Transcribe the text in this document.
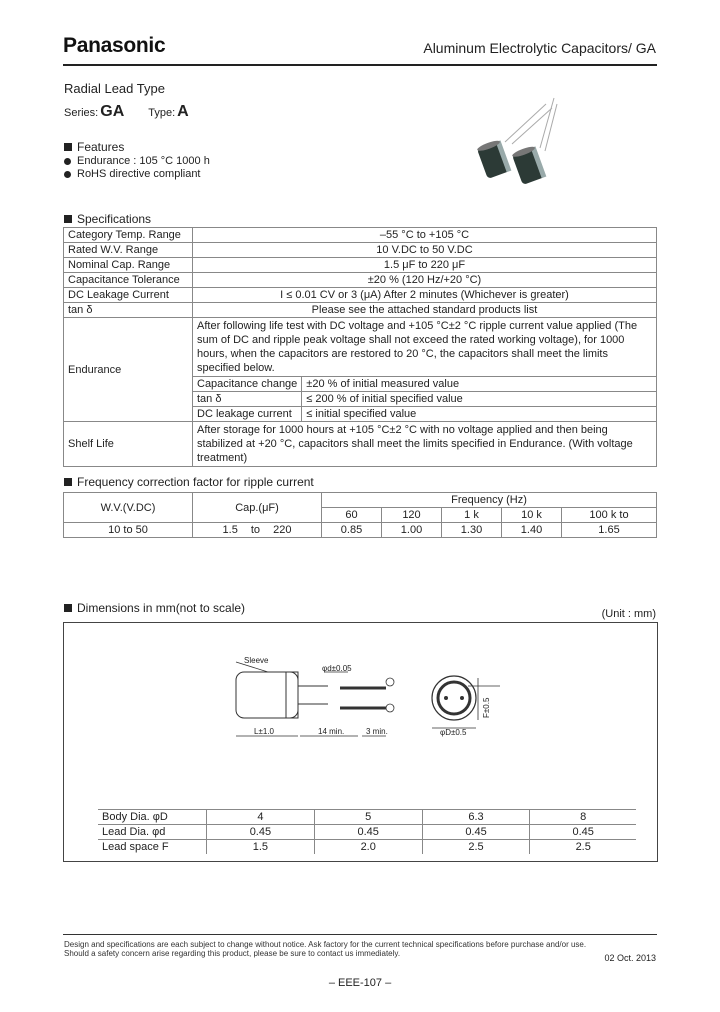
Panasonic	Aluminum Electrolytic Capacitors/ GA
Radial Lead Type
Series: GA Type: A
Features
Endurance : 105 °C 1000 h
RoHS directive compliant
Specifications
Category Temp. Range	–55 °C to +105 °C
Rated W.V. Range	10 V.DC to 50 V.DC
Nominal Cap. Range	1.5 μF to 220 μF
Capacitance Tolerance	±20 % (120 Hz/+20 °C)
DC Leakage Current	I ≤ 0.01 CV or 3 (μA) After 2 minutes (Whichever is greater)
tan δ	Please see the attached standard products list
Endurance	
After following life test with DC voltage and +105 °C±2 °C ripple current value applied (The sum of DC and ripple peak voltage shall not exceed the rated working voltage), for 1000 hours, when the capacitors are restored to 20 °C, the capacitors shall meet the limits specified below.
Capacitance change	±20 % of initial measured value
tan δ	≤ 200 % of initial specified value
DC leakage current	≤ initial specified value

Shelf Life	After storage for 1000 hours at +105 °C±2 °C with no voltage applied and then being stabilized at +20 °C, capacitors shall meet the limits specified in Endurance. (With voltage treatment)
Frequency correction factor for ripple current
W.V.(V.DC)	Cap.(μF)	Frequency (Hz)				
		60	120	1 k	10 k	100 k to
10 to 50	1.5 to 220	0.85	1.00	1.30	1.40	1.65
Dimensions in mm(not to scale)	(Unit : mm)
Sleeve
φd±0.05
L±1.0	14 min.	3 min.	φD±0.5
F±0.5
Body Dia. φD	4	5	6.3	8
Lead Dia. φd	0.45	0.45	0.45	0.45
Lead space F	1.5	2.0	2.5	2.5
Design and specifications are each subject to change without notice. Ask factory for the current technical specifications before purchase and/or use.
Should a safety concern arise regarding this product, please be sure to contact us immediately.	02 Oct. 2013
– EEE-107 –
